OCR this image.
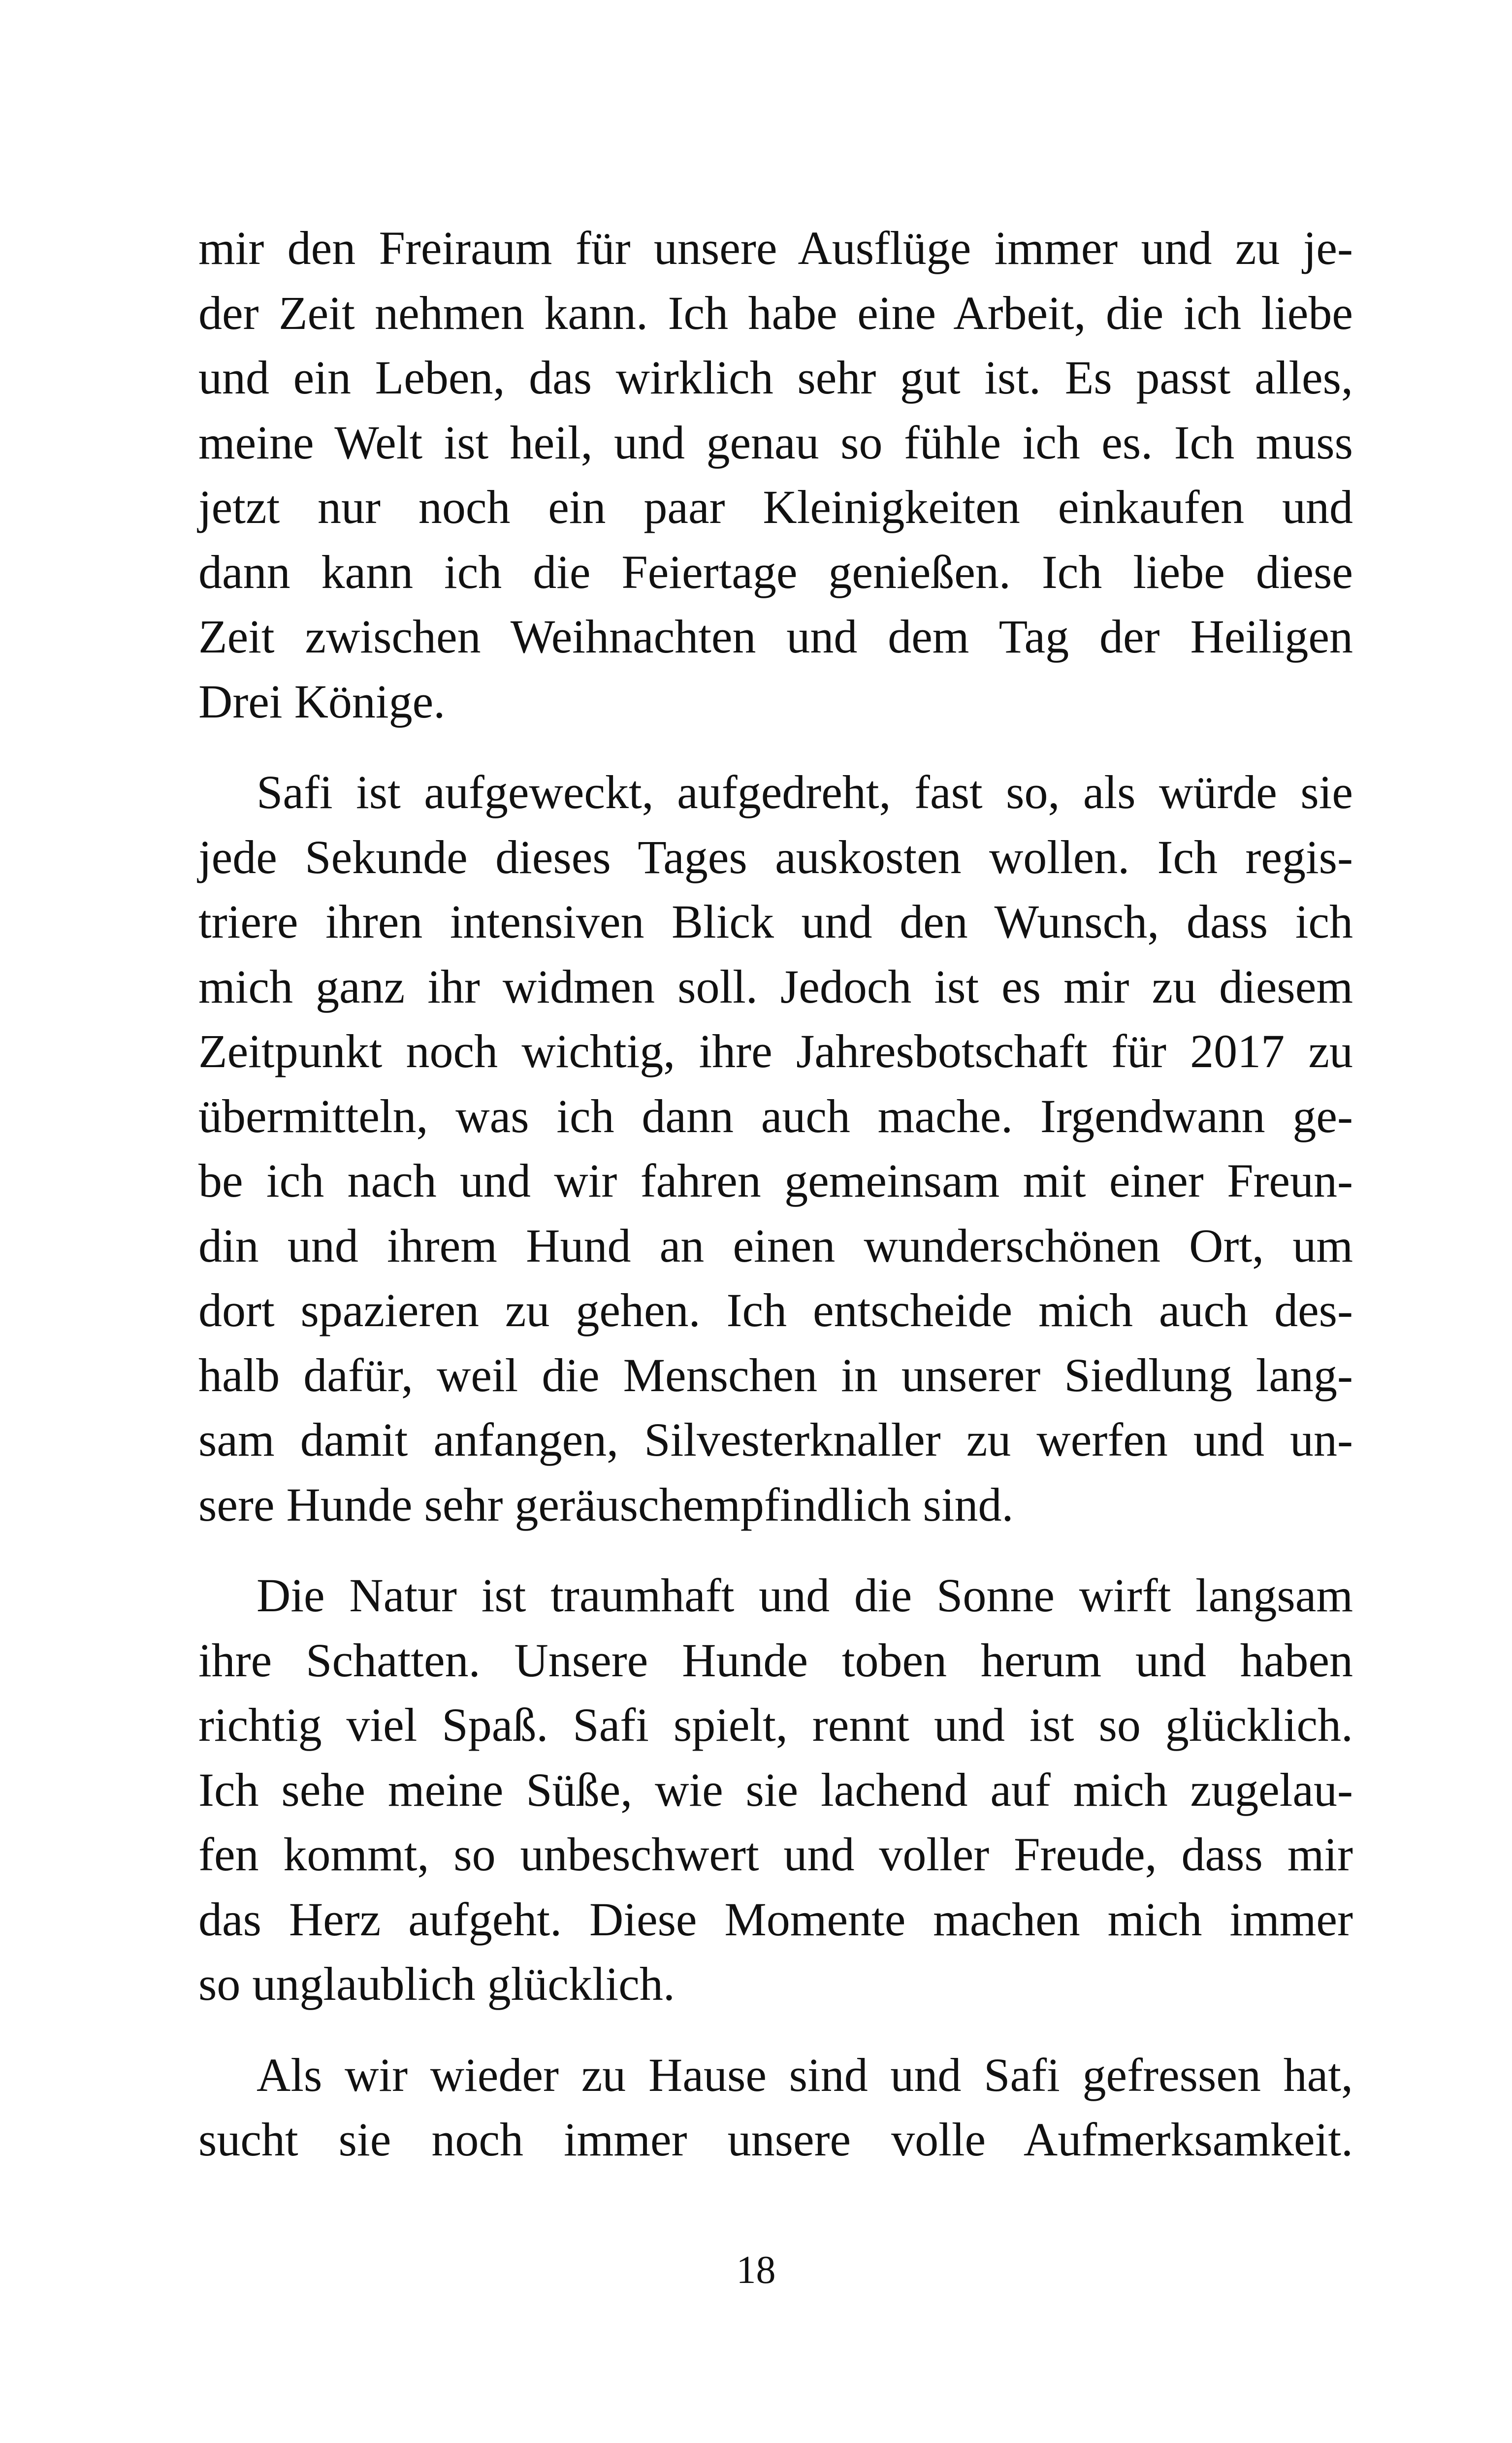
mir den Freiraum für unsere Ausflüge immer und zu je-
der Zeit nehmen kann. Ich habe eine Arbeit, die ich liebe
und ein Leben, das wirklich sehr gut ist. Es passt alles,
meine Welt ist heil, und genau so fühle ich es. Ich muss
jetzt nur noch ein paar Kleinigkeiten einkaufen und
dann kann ich die Feiertage genießen. Ich liebe diese
Zeit zwischen Weihnachten und dem Tag der Heiligen
Drei Könige.
Safi ist aufgeweckt, aufgedreht, fast so, als würde sie
jede Sekunde dieses Tages auskosten wollen. Ich regis-
triere ihren intensiven Blick und den Wunsch, dass ich
mich ganz ihr widmen soll. Jedoch ist es mir zu diesem
Zeitpunkt noch wichtig, ihre Jahresbotschaft für 2017 zu
übermitteln, was ich dann auch mache. Irgendwann ge-
be ich nach und wir fahren gemeinsam mit einer Freun-
din und ihrem Hund an einen wunderschönen Ort, um
dort spazieren zu gehen. Ich entscheide mich auch des-
halb dafür, weil die Menschen in unserer Siedlung lang-
sam damit anfangen, Silvesterknaller zu werfen und un-
sere Hunde sehr geräuschempfindlich sind.
Die Natur ist traumhaft und die Sonne wirft langsam
ihre Schatten. Unsere Hunde toben herum und haben
richtig viel Spaß. Safi spielt, rennt und ist so glücklich.
Ich sehe meine Süße, wie sie lachend auf mich zugelau-
fen kommt, so unbeschwert und voller Freude, dass mir
das Herz aufgeht. Diese Momente machen mich immer
so unglaublich glücklich.
Als wir wieder zu Hause sind und Safi gefressen hat,
sucht sie noch immer unsere volle Aufmerksamkeit.
18
